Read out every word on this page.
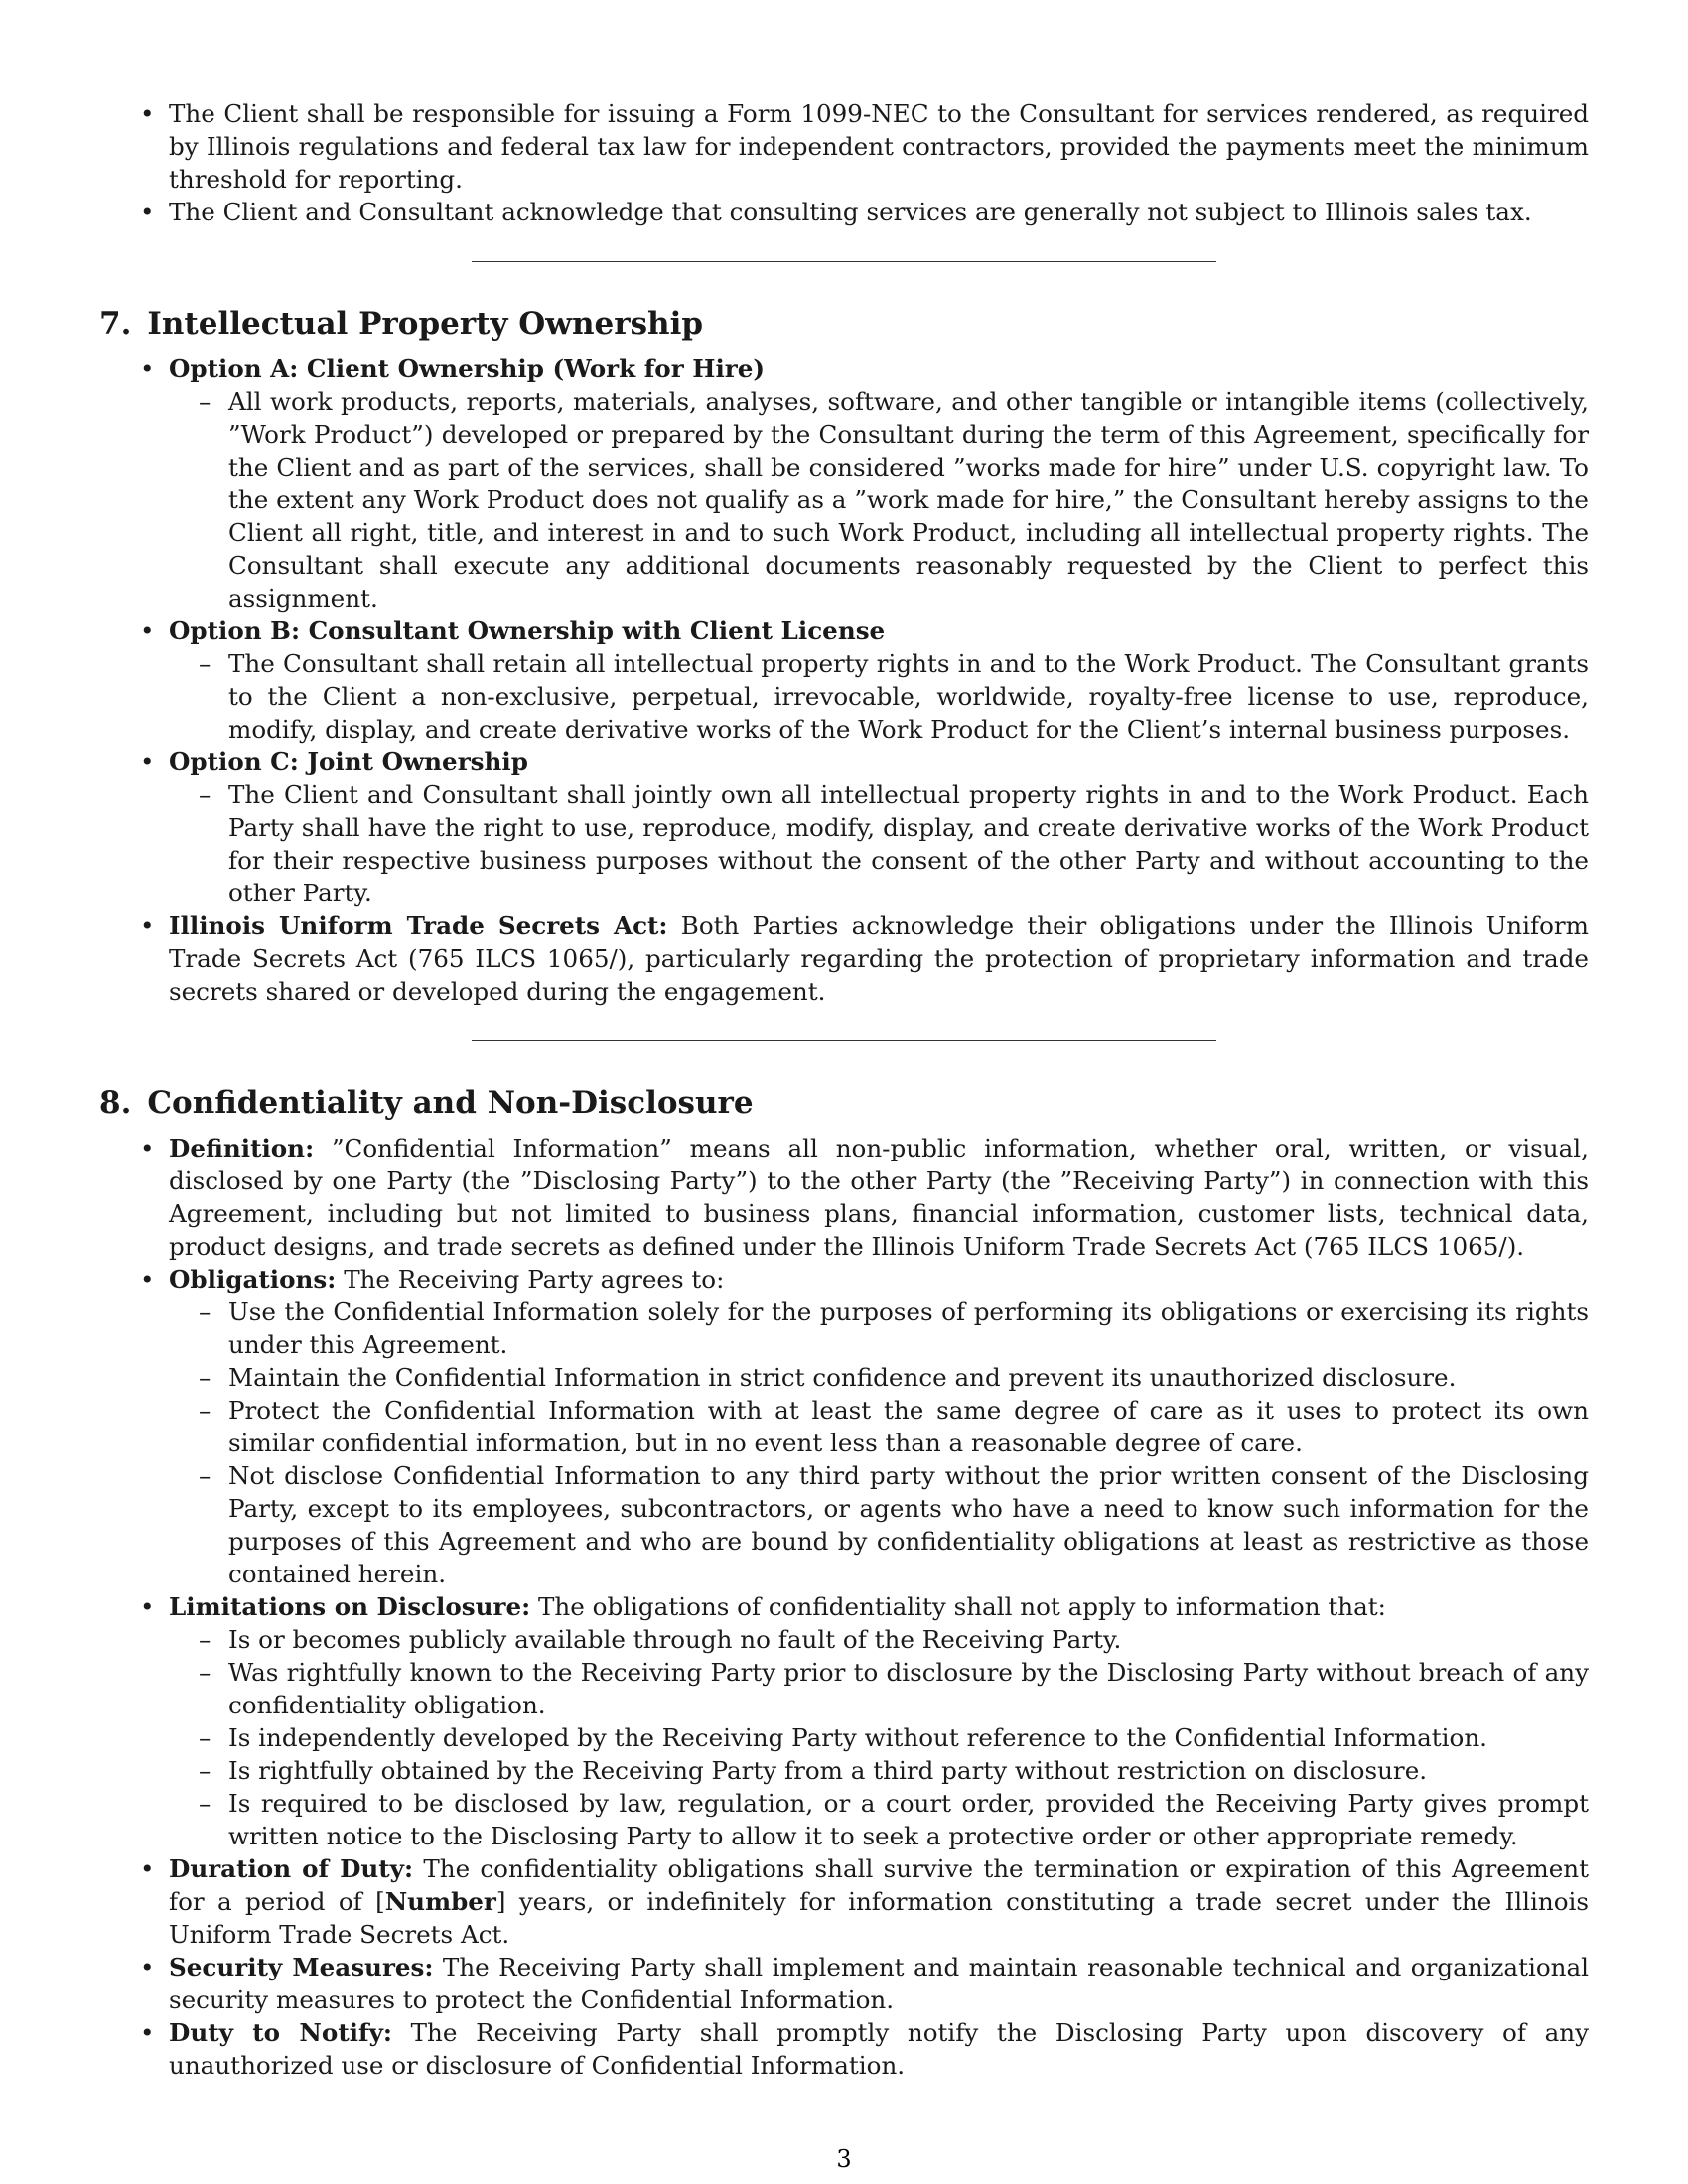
• The Client shall be responsible for issuing a Form 1099-NEC to the Consultant for services rendered, as required by Illinois regulations and federal tax law for independent contractors, provided the payments meet the minimum threshold for reporting.
• The Client and Consultant acknowledge that consulting services are generally not subject to Illinois sales tax.
7. Intellectual Property Ownership
• Option A: Client Ownership (Work for Hire)
– All work products, reports, materials, analyses, software, and other tangible or intangible items (collectively, ”Work Product”) developed or prepared by the Consultant during the term of this Agreement, specifically for the Client and as part of the services, shall be considered ”works made for hire” under U.S. copyright law. To the extent any Work Product does not qualify as a ”work made for hire,” the Consultant hereby assigns to the Client all right, title, and interest in and to such Work Product, including all intellectual property rights. The Consultant shall execute any additional documents reasonably requested by the Client to perfect this assignment.
• Option B: Consultant Ownership with Client License
– The Consultant shall retain all intellectual property rights in and to the Work Product. The Consultant grants to the Client a non-exclusive, perpetual, irrevocable, worldwide, royalty-free license to use, reproduce, modify, display, and create derivative works of the Work Product for the Client’s internal business purposes.
• Option C: Joint Ownership
– The Client and Consultant shall jointly own all intellectual property rights in and to the Work Product. Each Party shall have the right to use, reproduce, modify, display, and create derivative works of the Work Product for their respective business purposes without the consent of the other Party and without accounting to the other Party.
• Illinois Uniform Trade Secrets Act: Both Parties acknowledge their obligations under the Illinois Uniform Trade Secrets Act (765 ILCS 1065/), particularly regarding the protection of proprietary information and trade secrets shared or developed during the engagement.
8. Confidentiality and Non-Disclosure
• Definition: ”Confidential Information” means all non-public information, whether oral, written, or visual, disclosed by one Party (the ”Disclosing Party”) to the other Party (the ”Receiving Party”) in connection with this Agreement, including but not limited to business plans, financial information, customer lists, technical data, product designs, and trade secrets as defined under the Illinois Uniform Trade Secrets Act (765 ILCS 1065/).
• Obligations: The Receiving Party agrees to:
– Use the Confidential Information solely for the purposes of performing its obligations or exercising its rights under this Agreement.
– Maintain the Confidential Information in strict confidence and prevent its unauthorized disclosure.
– Protect the Confidential Information with at least the same degree of care as it uses to protect its own similar confidential information, but in no event less than a reasonable degree of care.
– Not disclose Confidential Information to any third party without the prior written consent of the Disclosing Party, except to its employees, subcontractors, or agents who have a need to know such information for the purposes of this Agreement and who are bound by confidentiality obligations at least as restrictive as those contained herein.
• Limitations on Disclosure: The obligations of confidentiality shall not apply to information that:
– Is or becomes publicly available through no fault of the Receiving Party.
– Was rightfully known to the Receiving Party prior to disclosure by the Disclosing Party without breach of any confidentiality obligation.
– Is independently developed by the Receiving Party without reference to the Confidential Information.
– Is rightfully obtained by the Receiving Party from a third party without restriction on disclosure.
– Is required to be disclosed by law, regulation, or a court order, provided the Receiving Party gives prompt written notice to the Disclosing Party to allow it to seek a protective order or other appropriate remedy.
• Duration of Duty: The confidentiality obligations shall survive the termination or expiration of this Agreement for a period of [Number] years, or indefinitely for information constituting a trade secret under the Illinois Uniform Trade Secrets Act.
• Security Measures: The Receiving Party shall implement and maintain reasonable technical and organizational security measures to protect the Confidential Information.
• Duty to Notify: The Receiving Party shall promptly notify the Disclosing Party upon discovery of any unauthorized use or disclosure of Confidential Information.
3
